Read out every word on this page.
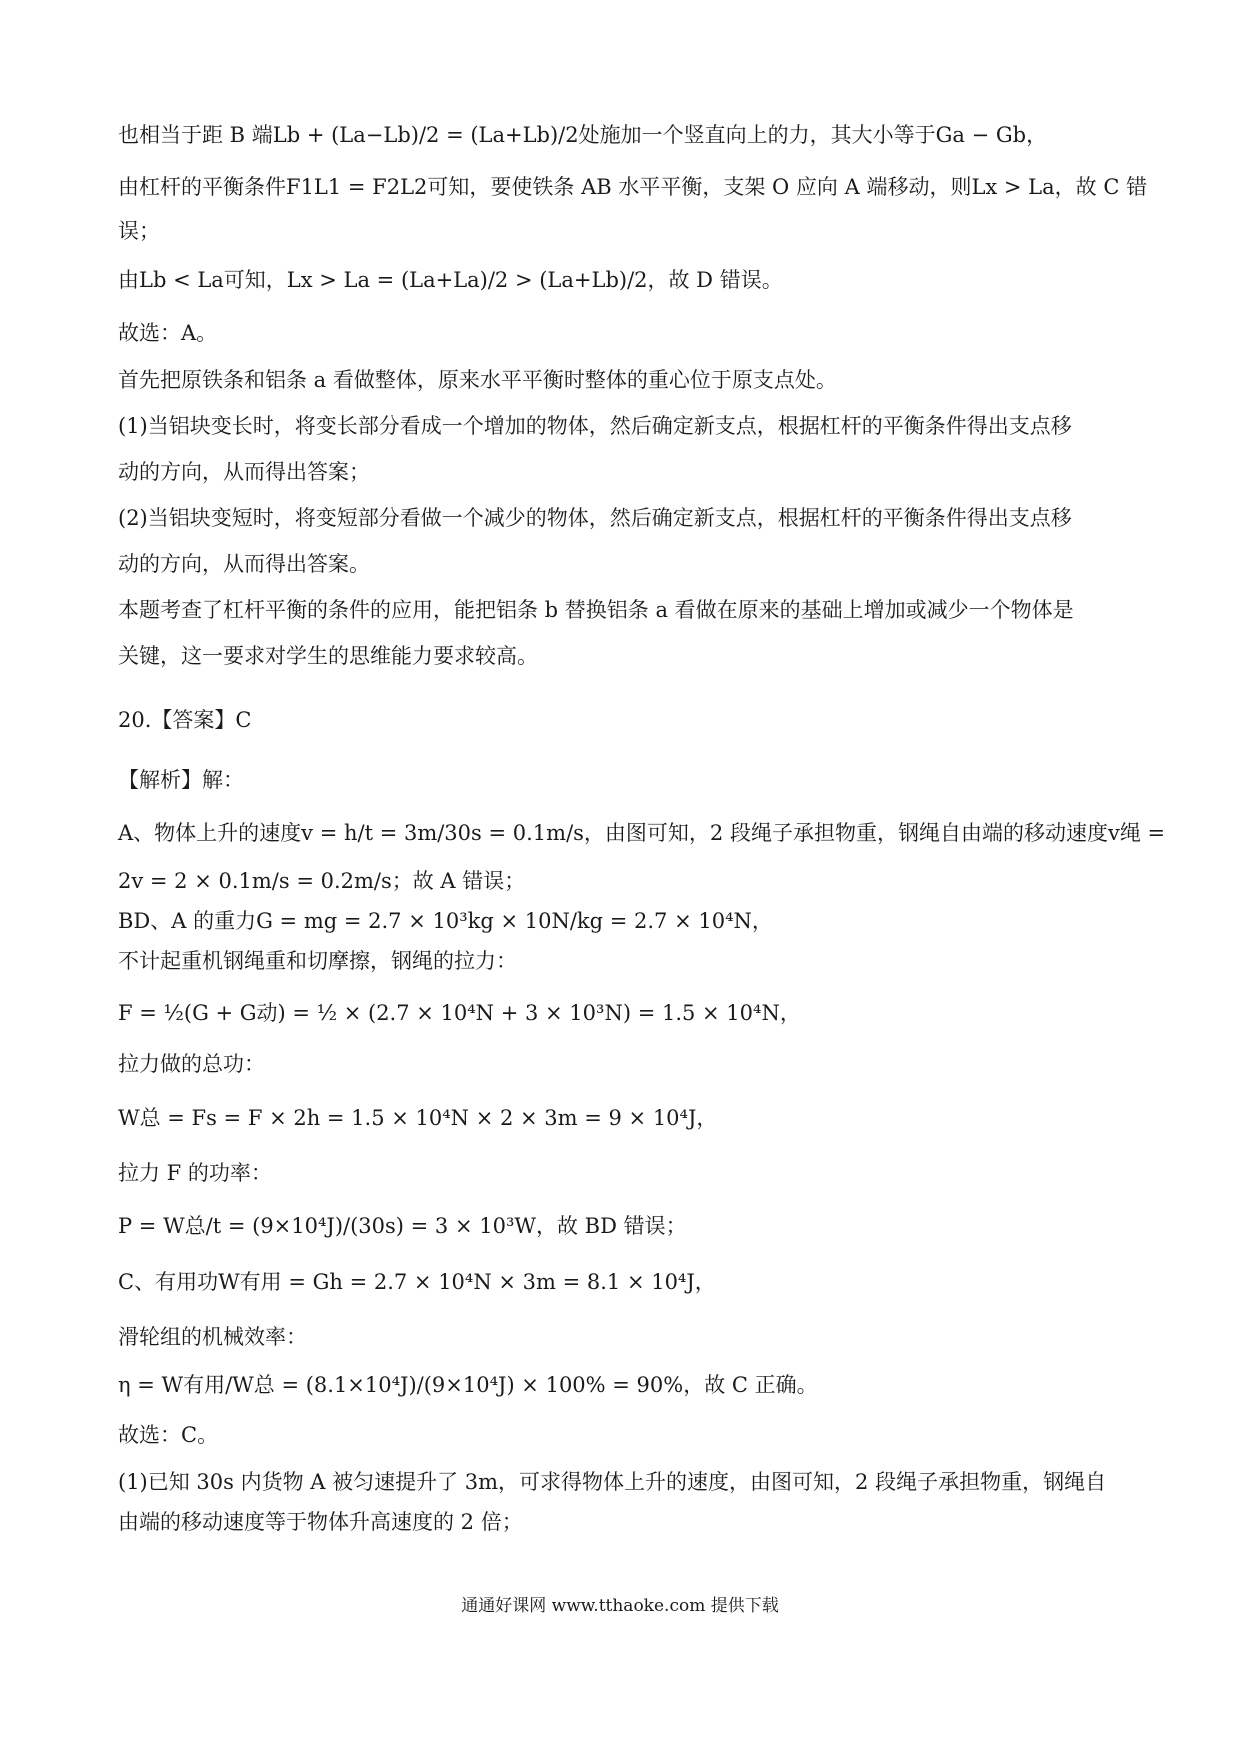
也相当于距 B 端Lb + (La−Lb)/2 = (La+Lb)/2处施加一个竖直向上的力，其大小等于Ga − Gb，
由杠杆的平衡条件F1L1 = F2L2可知，要使铁条 AB 水平平衡，支架 O 应向 A 端移动，则Lx > La，故 C 错
误；
由Lb < La可知，Lx > La = (La+La)/2 > (La+Lb)/2，故 D 错误。
故选：A。
首先把原铁条和铝条 a 看做整体，原来水平平衡时整体的重心位于原支点处。
(1)当铝块变长时，将变长部分看成一个增加的物体，然后确定新支点，根据杠杆的平衡条件得出支点移
动的方向，从而得出答案；
(2)当铝块变短时，将变短部分看做一个减少的物体，然后确定新支点，根据杠杆的平衡条件得出支点移
动的方向，从而得出答案。
本题考查了杠杆平衡的条件的应用，能把铝条 b 替换铝条 a 看做在原来的基础上增加或减少一个物体是
关键，这一要求对学生的思维能力要求较高。
20.【答案】C
【解析】解：
A、物体上升的速度v = h/t = 3m/30s = 0.1m/s，由图可知，2 段绳子承担物重，钢绳自由端的移动速度v绳 =
2v = 2 × 0.1m/s = 0.2m/s；故 A 错误；
BD、A 的重力G = mg = 2.7 × 10³kg × 10N/kg = 2.7 × 10⁴N，
不计起重机钢绳重和切摩擦，钢绳的拉力：
F = ½(G + G动) = ½ × (2.7 × 10⁴N + 3 × 10³N) = 1.5 × 10⁴N，
拉力做的总功：
W总 = Fs = F × 2h = 1.5 × 10⁴N × 2 × 3m = 9 × 10⁴J，
拉力 F 的功率：
P = W总/t = (9×10⁴J)/(30s) = 3 × 10³W，故 BD 错误；
C、有用功W有用 = Gh = 2.7 × 10⁴N × 3m = 8.1 × 10⁴J，
滑轮组的机械效率：
η = W有用/W总 = (8.1×10⁴J)/(9×10⁴J) × 100% = 90%，故 C 正确。
故选：C。
(1)已知 30s 内货物 A 被匀速提升了 3m，可求得物体上升的速度，由图可知，2 段绳子承担物重，钢绳自
由端的移动速度等于物体升高速度的 2 倍；
通通好课网 www.tthaoke.com 提供下载
